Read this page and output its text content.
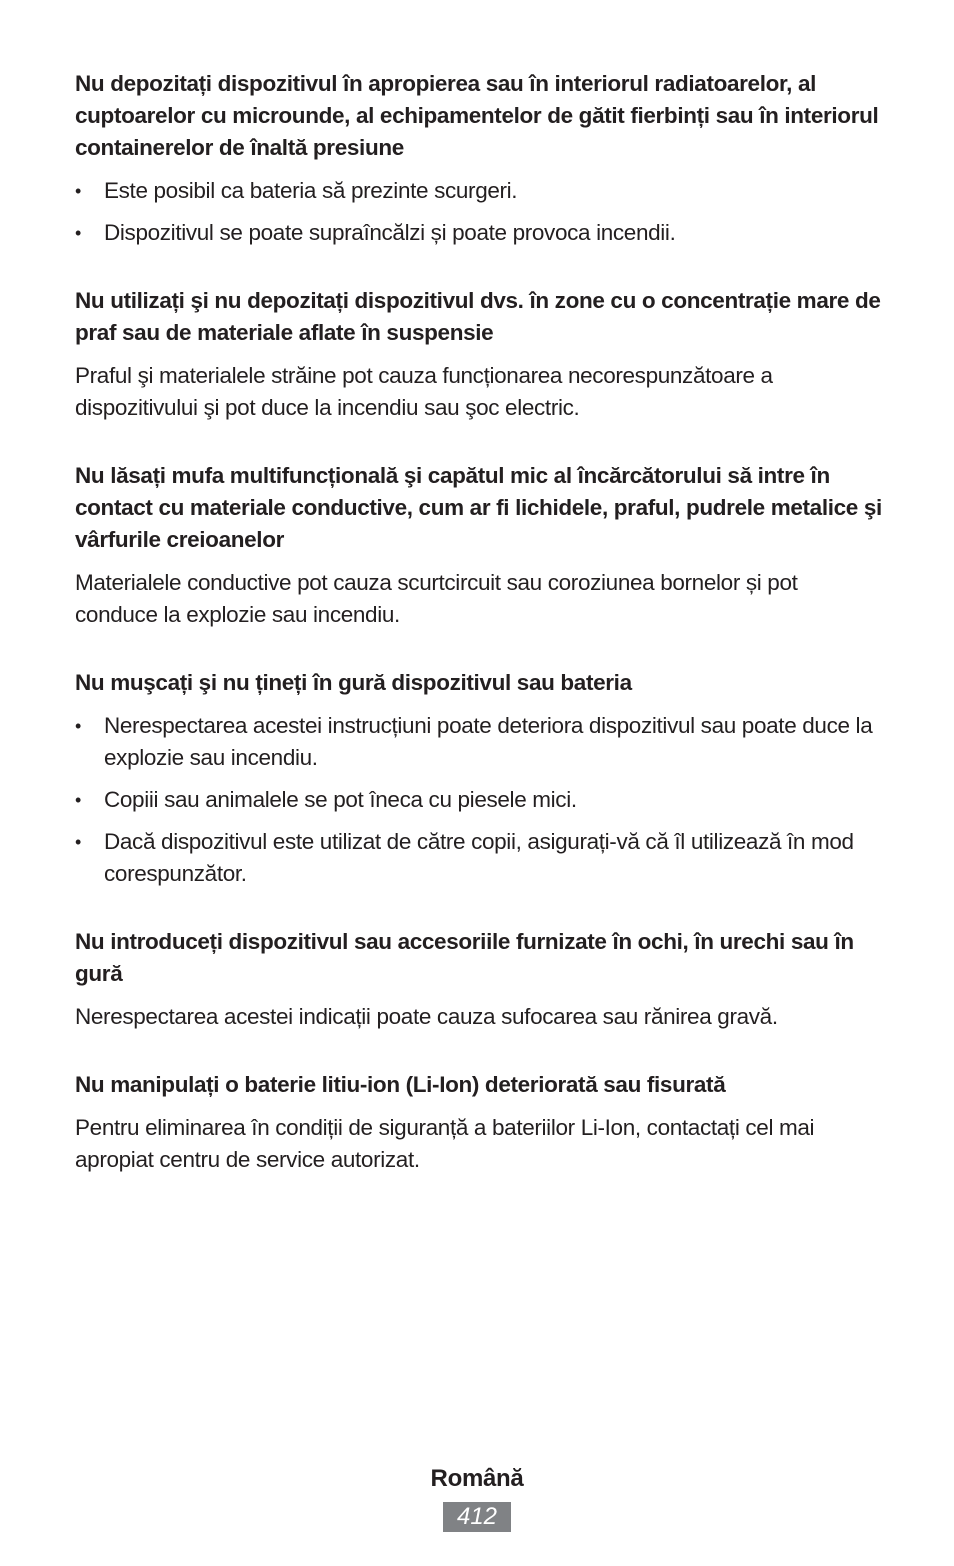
Nu depozitați dispozitivul în apropierea sau în interiorul radiatoarelor, al cuptoarelor cu microunde, al echipamentelor de gătit fierbinți sau în interiorul containerelor de înaltă presiune
• Este posibil ca bateria să prezinte scurgeri.
• Dispozitivul se poate supraîncălzi și poate provoca incendii.
Nu utilizați şi nu depozitați dispozitivul dvs. în zone cu o concentrație mare de praf sau de materiale aflate în suspensie

Praful şi materialele străine pot cauza funcționarea necorespunzătoare a dispozitivului şi pot duce la incendiu sau şoc electric.

Nu lăsați mufa multifuncțională şi capătul mic al încărcătorului să intre în contact cu materiale conductive, cum ar fi lichidele, praful, pudrele metalice şi vârfurile creioanelor

Materialele conductive pot cauza scurtcircuit sau coroziunea bornelor și pot conduce la explozie sau incendiu.

Nu muşcați şi nu țineți în gură dispozitivul sau bateria
• Nerespectarea acestei instrucțiuni poate deteriora dispozitivul sau poate duce la explozie sau incendiu.
• Copiii sau animalele se pot îneca cu piesele mici.
• Dacă dispozitivul este utilizat de către copii, asigurați-vă că îl utilizează în mod corespunzător.
Nu introduceți dispozitivul sau accesoriile furnizate în ochi, în urechi sau în gură

Nerespectarea acestei indicații poate cauza sufocarea sau rănirea gravă.

Nu manipulați o baterie litiu-ion (Li-Ion) deteriorată sau fisurată

Pentru eliminarea în condiții de siguranță a bateriilor Li-Ion, contactați cel mai apropiat centru de service autorizat.

Română
412
